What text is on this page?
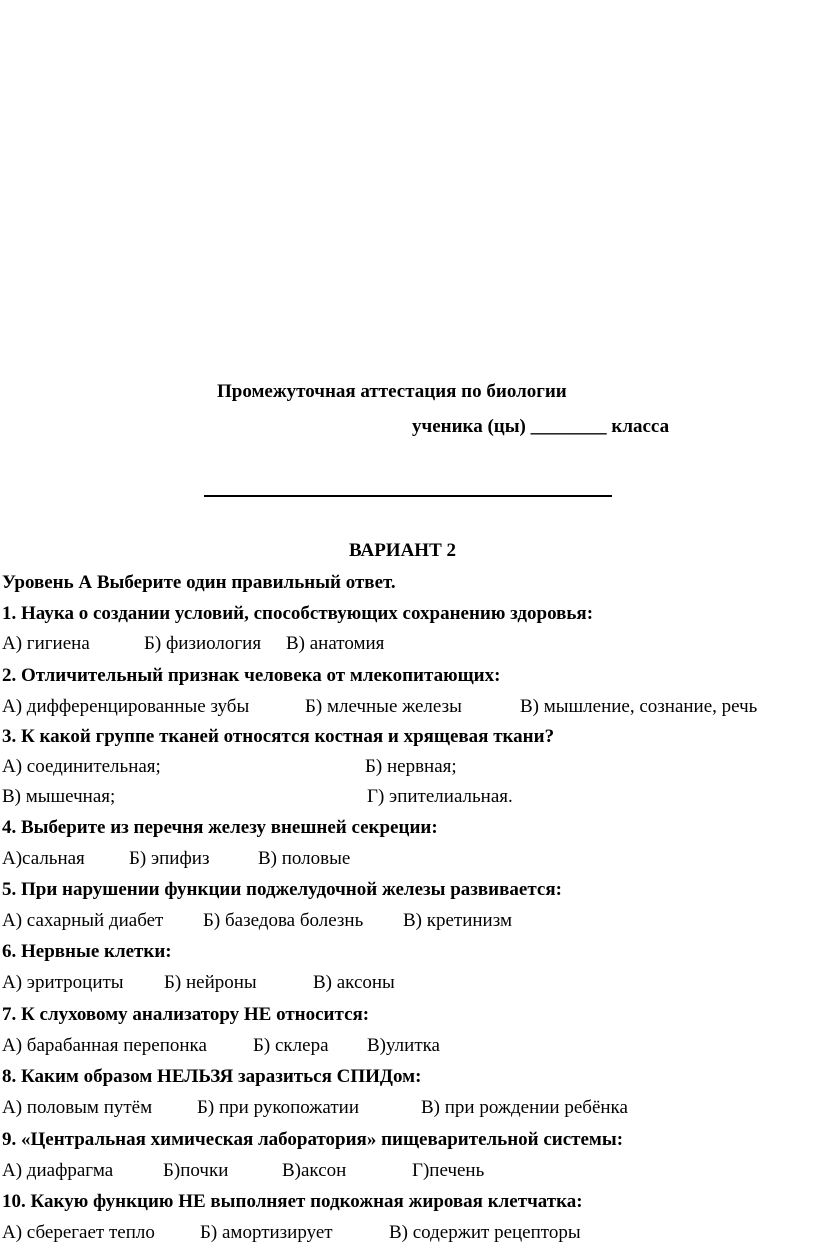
Промежуточная аттестация по биологии
ученика (цы) ________ класса
ВАРИАНТ 2
Уровень А Выберите один правильный ответ.
1. Наука о создании условий, способствующих сохранению здоровья:
А) гигиена	Б) физиология В) анатомия
2. Отличительный признак человека от млекопитающих:
А) дифференцированные зубы	Б) млечные железы	В) мышление, сознание, речь
3. К какой группе тканей относятся костная и хрящевая ткани?
А) соединительная;	Б) нервная;
В) мышечная;	Г) эпителиальная.
4. Выберите из перечня железу внешней секреции:
А)сальная Б) эпифиз	В) половые
5. При нарушении функции поджелудочной железы развивается:
А) сахарный диабет Б) базедова болезнь В) кретинизм
6. Нервные клетки:
А) эритроциты Б) нейроны	В) аксоны
7. К слуховому анализатору НЕ относится:
А) барабанная перепонка Б) склера В)улитка
8. Каким образом НЕЛЬЗЯ заразиться СПИДом:
А) половым путём Б) при рукопожатии	В) при рождении ребёнка
9. «Центральная химическая лаборатория» пищеварительной системы:
А) диафрагма	Б)почки	В)аксон	Г)печень
10. Какую функцию НЕ выполняет подкожная жировая клетчатка:
А) сберегает тепло Б) амортизирует	В) содержит рецепторы
